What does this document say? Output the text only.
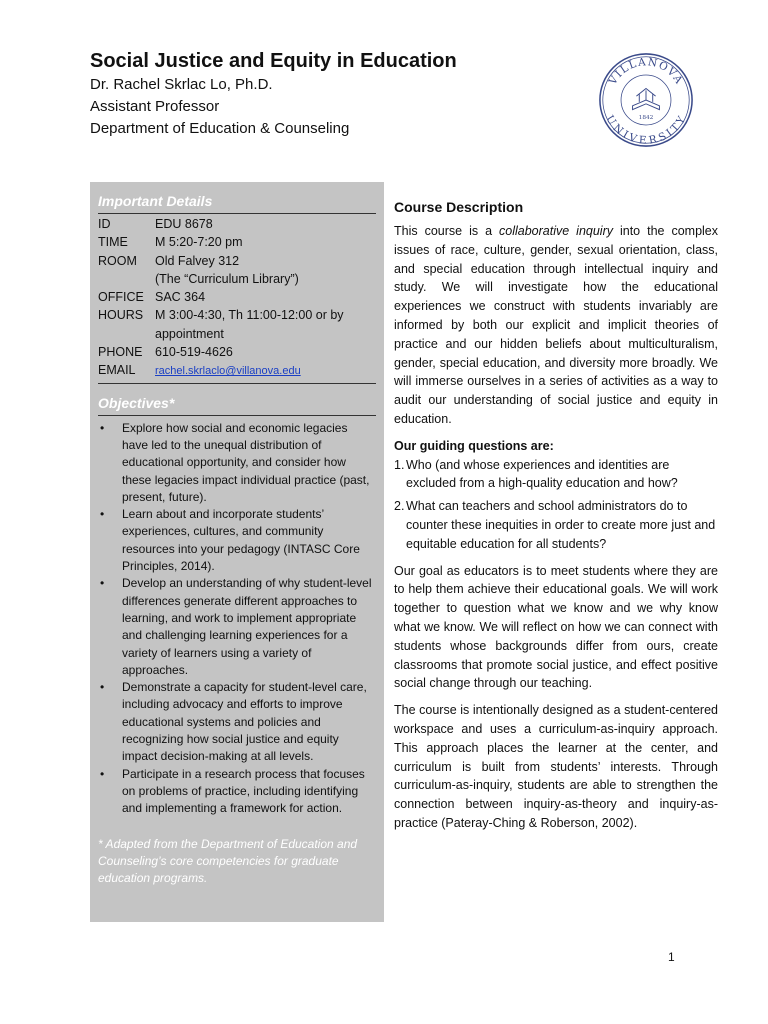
Social Justice and Equity in Education
Dr. Rachel Skrlac Lo, Ph.D.
Assistant Professor
Department of Education & Counseling
VILLANOVA
UNIVERSITY
1842
Important Details
ID	EDU 8678
TIME	M 5:20-7:20 pm
ROOM	Old Falvey 312
	(The “Curriculum Library”)
OFFICE	SAC 364
HOURS	M 3:00-4:30, Th 11:00-12:00 or by
	appointment
PHONE	610-519-4626
EMAIL	rachel.skrlaclo@villanova.edu
Objectives*
• Explore how social and economic legacies have led to the unequal distribution of educational opportunity, and consider how these legacies impact individual practice (past, present, future).
• Learn about and incorporate students’ experiences, cultures, and community resources into your pedagogy (INTASC Core Principles, 2014).
• Develop an understanding of why student-level differences generate different approaches to learning, and work to implement appropriate and challenging learning experiences for a variety of learners using a variety of approaches.
• Demonstrate a capacity for student-level care, including advocacy and efforts to improve educational systems and policies and recognizing how social justice and equity impact decision-making at all levels.
• Participate in a research process that focuses on problems of practice, including identifying and implementing a framework for action.
* Adapted from the Department of Education and Counseling’s core competencies for graduate education programs.
Course Description

This course is a collaborative inquiry into the complex issues of race, culture, gender, sexual orientation, class, and special education through intellectual inquiry and study. We will investigate how the educational experiences we construct with students invariably are informed by both our explicit and implicit theories of practice and our hidden beliefs about multiculturalism, gender, special education, and diversity more broadly. We will immerse ourselves in a series of activities as a way to audit our understanding of social justice and equity in education.

Our guiding questions are:

1. Who (and whose experiences and identities are excluded from a high-quality education and how?
2. What can teachers and school administrators do to counter these inequities in order to create more just and equitable education for all students?

Our goal as educators is to meet students where they are to help them achieve their educational goals. We will work together to question what we know and we why know what we know. We will reflect on how we can connect with students whose backgrounds differ from ours, create classrooms that promote social justice, and effect positive social change through our teaching.

The course is intentionally designed as a student-centered workspace and uses a curriculum-as-inquiry approach. This approach places the learner at the center, and curriculum is built from students’ interests. Through curriculum-as-inquiry, students are able to strengthen the connection between inquiry-as-theory and inquiry-as-practice (Pateray-Ching & Roberson, 2002).

1
